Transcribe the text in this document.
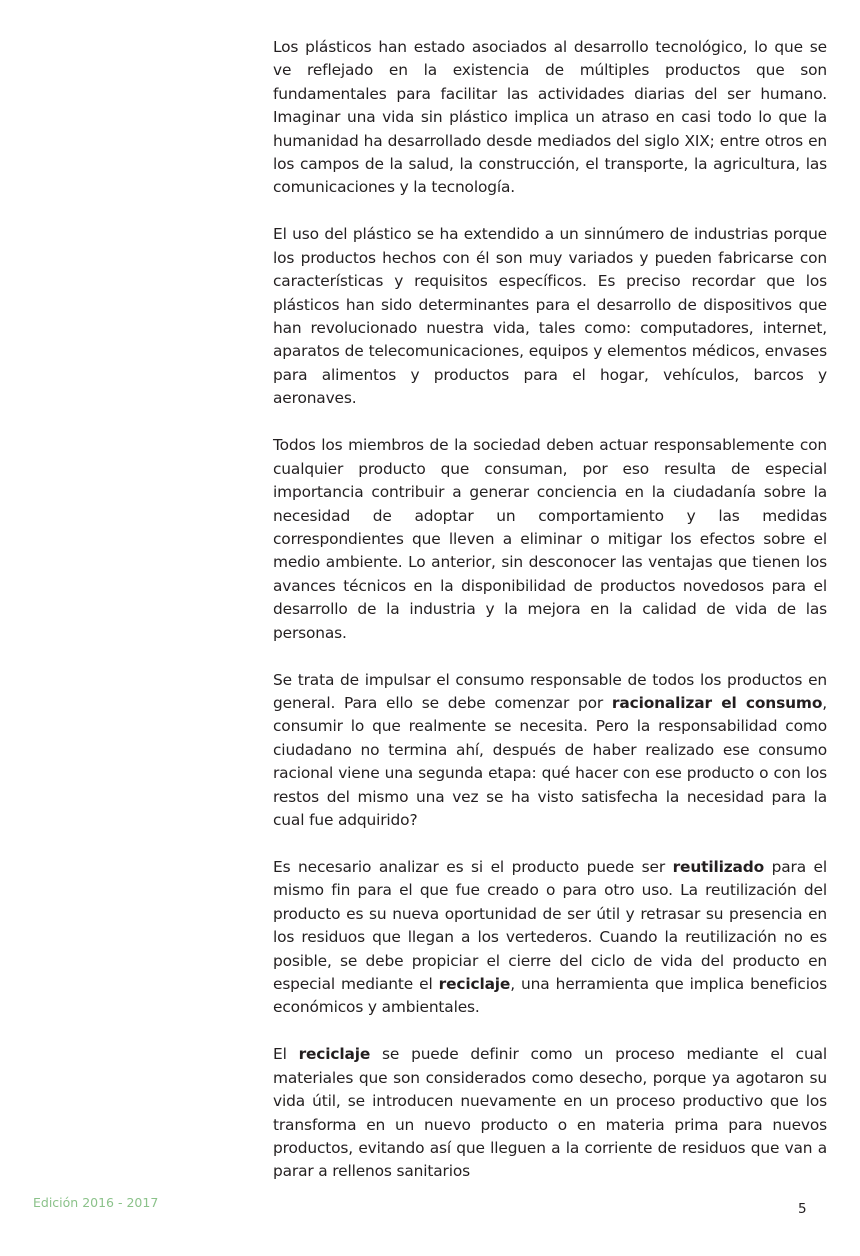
Los plásticos han estado asociados al desarrollo tecnológico, lo que se ve reflejado en la existencia de múltiples productos que son fundamentales para facilitar las actividades diarias del ser humano. Imaginar una vida sin plástico implica un atraso en casi todo lo que la humanidad ha desarrollado desde mediados del siglo XIX; entre otros en los campos de la salud, la construcción, el transporte, la agricultura, las comunicaciones y la tecnología.

El uso del plástico se ha extendido a un sinnúmero de industrias porque los productos hechos con él son muy variados y pueden fabricarse con características y requisitos específicos. Es preciso recordar que los plásticos han sido determinantes para el desarrollo de dispositivos que han revolucionado nuestra vida, tales como: computadores, internet, aparatos de telecomunicaciones, equipos y elementos médicos, envases para alimentos y productos para el hogar, vehículos, barcos y aeronaves.

Todos los miembros de la sociedad deben actuar responsablemente con cualquier producto que consuman, por eso resulta de especial importancia contribuir a generar conciencia en la ciudadanía sobre la necesidad de adoptar un comportamiento y las medidas correspondientes que lleven a eliminar o mitigar los efectos sobre el medio ambiente. Lo anterior, sin desconocer las ventajas que tienen los avances técnicos en la disponibilidad de productos novedosos para el desarrollo de la industria y la mejora en la calidad de vida de las personas.

Se trata de impulsar el consumo responsable de todos los productos en general. Para ello se debe comenzar por racionalizar el consumo, consumir lo que realmente se necesita. Pero la responsabilidad como ciudadano no termina ahí, después de haber realizado ese consumo racional viene una segunda etapa: qué hacer con ese producto o con los restos del mismo una vez se ha visto satisfecha la necesidad para la cual fue adquirido?

Es necesario analizar es si el producto puede ser reutilizado para el mismo fin para el que fue creado o para otro uso. La reutilización del producto es su nueva oportunidad de ser útil y retrasar su presencia en los residuos que llegan a los vertederos. Cuando la reutilización no es posible, se debe propiciar el cierre del ciclo de vida del producto en especial mediante el reciclaje, una herramienta que implica beneficios económicos y ambientales.

El reciclaje se puede definir como un proceso mediante el cual materiales que son considerados como desecho, porque ya agotaron su vida útil, se introducen nuevamente en un proceso productivo que los transforma en un nuevo producto o en materia prima para nuevos productos, evitando así que lleguen a la corriente de residuos que van a parar a rellenos sanitarios

Edición 2016 - 2017	5
